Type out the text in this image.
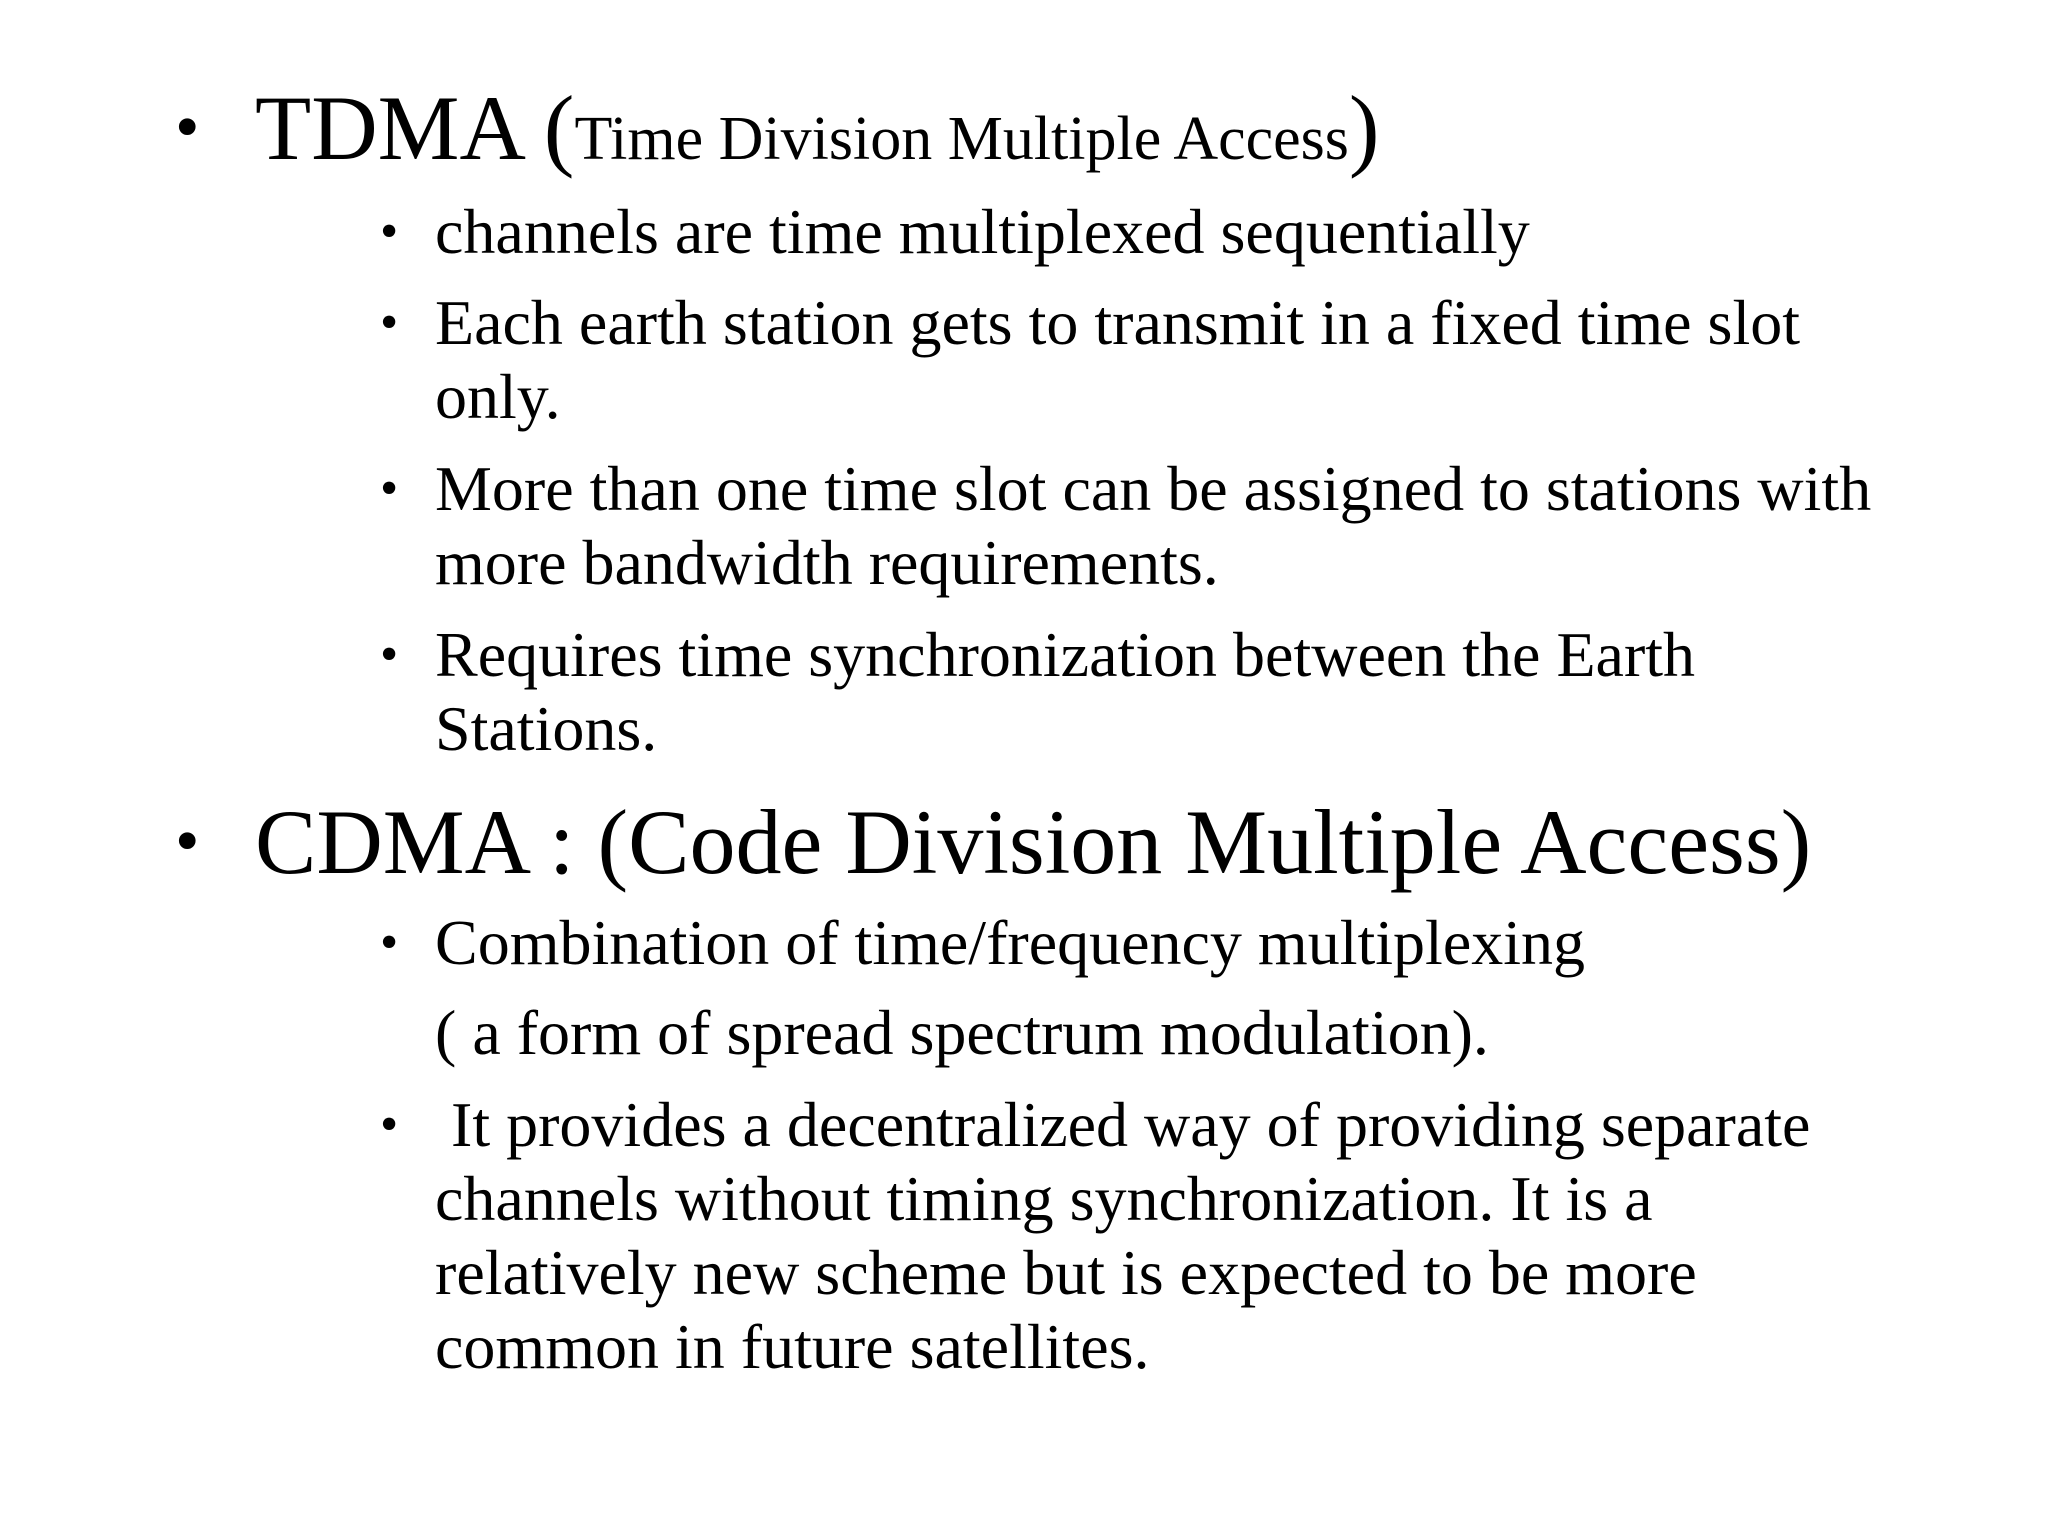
• TDMA (Time Division Multiple Access)
• channels are time multiplexed sequentially
• Each earth station gets to transmit in a fixed time slot only.
• More than one time slot can be assigned to stations with more bandwidth requirements.
• Requires time synchronization between the Earth Stations.
• CDMA : (Code Division Multiple Access)
• Combination of time/frequency multiplexing
( a form of spread spectrum modulation).
• It provides a decentralized way of providing separate channels without timing synchronization. It is a relatively new scheme but is expected to be more common in future satellites.
